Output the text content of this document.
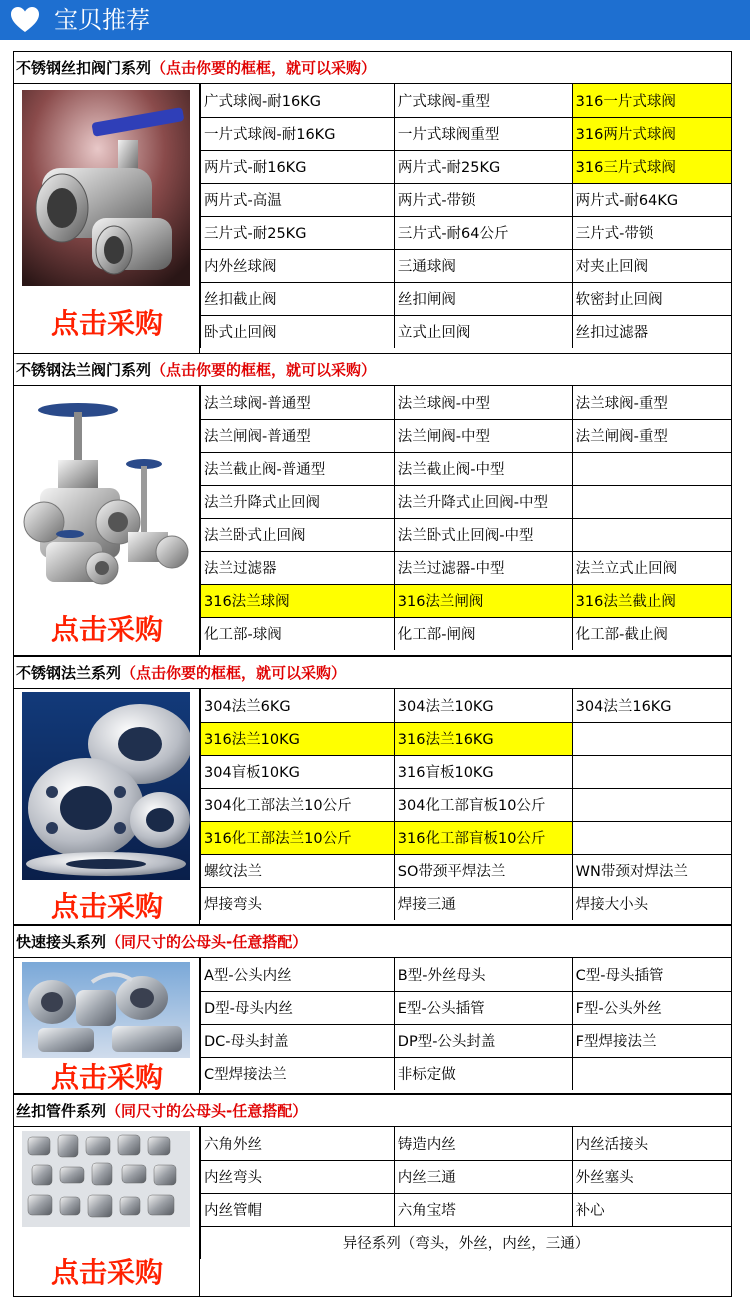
宝贝推荐
不锈钢丝扣阀门系列（点击你要的框框，就可以采购）
点击采购
广式球阀-耐16KG	广式球阀-重型	316一片式球阀
一片式球阀-耐16KG	一片式球阀重型	316两片式球阀
两片式-耐16KG	两片式-耐25KG	316三片式球阀
两片式-高温	两片式-带锁	两片式-耐64KG
三片式-耐25KG	三片式-耐64公斤	三片式-带锁
内外丝球阀	三通球阀	对夹止回阀
丝扣截止阀	丝扣闸阀	软密封止回阀
卧式止回阀	立式止回阀	丝扣过滤器
不锈钢法兰阀门系列（点击你要的框框，就可以采购）
点击采购
法兰球阀-普通型	法兰球阀-中型	法兰球阀-重型
法兰闸阀-普通型	法兰闸阀-中型	法兰闸阀-重型
法兰截止阀-普通型	法兰截止阀-中型	
法兰升降式止回阀	法兰升降式止回阀-中型	
法兰卧式止回阀	法兰卧式止回阀-中型	
法兰过滤器	法兰过滤器-中型	法兰立式止回阀
316法兰球阀	316法兰闸阀	316法兰截止阀
化工部-球阀	化工部-闸阀	化工部-截止阀
不锈钢法兰系列（点击你要的框框，就可以采购）
点击采购
304法兰6KG	304法兰10KG	304法兰16KG
316法兰10KG	316法兰16KG	
304盲板10KG	316盲板10KG	
304化工部法兰10公斤	304化工部盲板10公斤	
316化工部法兰10公斤	316化工部盲板10公斤	
螺纹法兰	SO带颈平焊法兰	WN带颈对焊法兰
焊接弯头	焊接三通	焊接大小头
快速接头系列（同尺寸的公母头-任意搭配）
点击采购
A型-公头内丝	B型-外丝母头	C型-母头插管
D型-母头内丝	E型-公头插管	F型-公头外丝
DC-母头封盖	DP型-公头封盖	F型焊接法兰
C型焊接法兰	非标定做	
丝扣管件系列（同尺寸的公母头-任意搭配）
点击采购
六角外丝	铸造内丝	内丝活接头
内丝弯头	内丝三通	外丝塞头
内丝管帽	六角宝塔	补心
异径系列（弯头，外丝，内丝，三通）		
